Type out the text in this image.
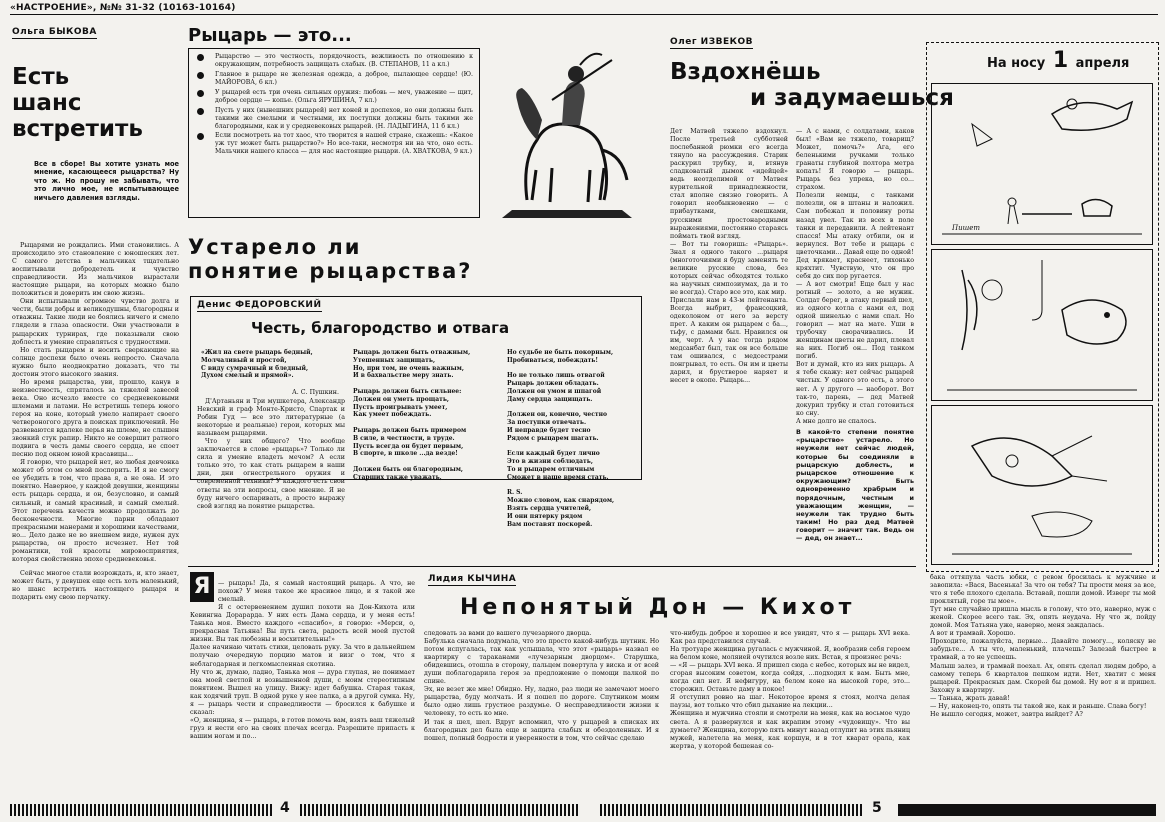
«НАСТРОЕНИЕ», №№ 31-32 (10163-10164)
Ольга БЫКОВА
Есть
шанс
встретить
Все в сборе! Вы хотите узнать мое мнение, касающееся рыцарства? Ну что ж. Но прошу не забывать, что это лично мое, не испытывающее ничьего давления взгляды.

Рыцарями не рождались. Ими становились. А происходило это становление с юношеских лет. С самого детства в мальчиках тщательно воспитывали добродетель и чувство справедливости. Из мальчиков вырастали настоящие рыцари, на которых можно было положиться и доверить им свою жизнь.

Они испытывали огромное чувство долга и чести, были добры и великодушны, благородны и отважны. Такие люди не боялись ничего и смело глядели в глаза опасности. Они участвовали в рыцарских турнирах, где показывали свою доблесть и умение справляться с трудностями.

Но стать рыцарем и носить сверкающие на солнце доспехи было очень непросто. Сначала нужно было неоднократно доказать, что ты достоин этого высокого звания.

Но время рыцарства, уви, прошло, канув в неизвестность, спряталось за тяжелой завесой века. Оно исчезло вместе со средневековыми шлемами и латами. Не встретишь теперь юного героя на коне, который умело напирает своего четвероногого друга в поисках приключений. Не развеваются вдалеке перья на шлеме, не слышен звонкий стук рапир. Никто не совершит ратного подвига в честь дамы своего сердца, не споет песню под окном юной красавицы...

Я говорю, что рыцарей нет, но любая девчонка может об этом со мной поспорить. И я не смогу ее убедить в том, что права я, а не она. И это понятно. Наверное, у каждой девушки, женщины есть рыцарь сердца, и он, безусловно, и самый сильный, и самый красивый, и самый смелый. Этот перечень качеств можно продолжать до бесконечности. Многие парни обладают прекрасными манерами и хорошими качествами, но... Дело даже не во внешнем виде, нужен дух рыцарства, он просто исчезнет. Нет той романтики, той красоты мировосприятия, которая свойственна эпохе средневековья.

Сейчас многое стали возрождать, и, кто знает, может быть, у девушек еще есть хоть маленький, но шанс встретить настоящего рыцаря и подарить ему свою перчатку.

Рыцарь — это...
Рыцарство — это честность, порядочность, вежливость по отношению к окружающим, потребность защищать слабых. (В. СТЕПАНОВ, 11 а кл.)
Главное в рыцаре не железная одежда, а доброе, пылающее сердце! (Ю. МАЙОРОВА, 6 кл.)
У рыцарей есть три очень сильных оружия: любовь — меч, уважение — щит, доброе сердце — копье. (Ольга ЯРУШИНА, 7 кл.)
Пусть у них (нынешних рыцарей) нет коней и доспехов, но они должны быть такими же смелыми и честными, их поступки должны быть такими же благородными, как и у средневековых рыцарей. (Н. ЛАДЫГИНА, 11 б кл.)
Если посмотреть на тот хаос, что творится в нашей стране, скажешь: «Какое уж тут может быть рыцарство?» Но все-таки, несмотря ни на что, оно есть. Мальчики нашего класса — для нас настоящие рыцари. (А. ХВАТКОВА, 9 кл.)
Устарело ли
понятие рыцарства?
Денис ФЕДОРОВСКИЙ
Честь, благородство и отвага
«Жил на свете рыцарь бедный,
Молчаливый и простой,
С виду сумрачный и бледный,
Духом смелый и прямой».
А. С. Пушкин.

Д'Артаньян и Три мушкетера, Александр Невский и граф Монте-Кристо, Спартак и Робин Гуд — все это литературные (а некоторые и реальные) герои, которых мы называем рыцарями.

Что у них общего? Что вообще заключается в слове «рыцарь»? Только ли сила и умение владеть мечом? А если только это, то как стать рыцарем в наши дни, дни огнестрельного оружия и современной техники? У каждого есть свои ответы на эти вопросы, свое мнение. Я не буду ничего оспаривать, а просто выражу свой взгляд на понятие рыцарства.

Рыцарь должен быть отважным,
Утешенных защищать,
Но, при том, не очень важным,
И в бахвальстве меру знать.

Рыцарь должен быть сильнее:
Должен он уметь прощать,
Пусть проигрывать умеет,
Как умеет побеждать.

Рыцарь должен быть примером
В силе, в честности, в труде.
Пусть всегда он будет первым,
В спорте, в школе ...да везде!

Должен быть он благородным,
Старших также уважать,
Но судьбе не быть покорным,
Пробиваться, побеждать!

Но не только лишь отвагой
Рыцарь должен обладать.
Должен он умом и шпагой
Даму сердца защищать.

Должен он, конечно, честно
За поступки отвечать.
И неправде будет тесно
Рядом с рыцарем шагать.

Если каждый будет лично
Это в жизни соблюдать,
То и рыцарем отличным
Сможет в наше время стать.

R. S.
Можно словом, как снарядом,
Взять сердца учителей,
И они пятерку рядом
Вам поставят поскорей.
Олег ИЗВЕКОВ
Вздохнёшь
и задумаешься
Дет Матвей тяжело вздохнул. После третьей субботней послебанной рюмки его всегда тянуло на рассуждения. Старик раскурил трубку, и, втянув сладковатый дымок «идейцей» ведь неотделимой от Матвея курительной принадлежности, стал вполне связно говорить. А говорил необыкновенно — с прибаутками, смешками, русскими простонародными выражениями, постоянно стараясь поймать твой взгляд.
— Вот ты говоришь: «Рыцарь». Знал я одного такого ...рыцаря (многоточиями я буду заменять те великие русские слова, без которых сейчас обходятся только на научных симпозиумах, да и то не всегда). Старо все это, как мир.
Прислали нам в 43-м лейтенанта. Всегда выбрит, франсоцкий, одеколоном от него за версту прет. А каким он рыцарем с ба..., тьфу, с дамами был. Нравился он им, черт. А у нас тогда рядом медсанбат был, так он все больше там ошивался, с медсестрами понгрывал, то есть. Он им и цветы дарил, и брустверое наряет и несет в окопе. Рыцарь...
— А с нами, с солдатами, каков был! «Вам не тяжело, товарищ? Может, помочь?» Ага, его беленькими ручками только гранаты глубиной полтора метра копать! Я говорю — рыцарь. Рыцарь без упрека, но со... страхом.
Полезли немцы, с танками полезли, он в штаны и наложил. Сам побежал и половину роты назад увел. Так из всех в поле танки и передавили. А лейтенант спасся! Мы атаку отбили, он и вернулся. Вот тебе и рыцарь с цветочками... Давай еще по одной!
Дед крякает, краснеет, тихонько кряхтит. Чувствую, что он про себя до сих пор ругается.
— А вот смотри! Еще был у нас ротный — золото, а не мужик. Солдат берег, в атаку первый шел, из одного котла с нами ел, под одной шинелью с нами спал. Но говорил — мат на мате. Уши в трубочку сворачивались. И женщинам цветы не дарил, плевал на них. Погиб он... Под танком погиб.
Вот и думай, кто из них рыцарь. А я тебе скажу: нет сейчас рыцарей чистых. У одного это есть, а этого нет. А у другого — наоборот. Вот так-то, парень, — дед Матвей докурил трубку и стал готовиться ко сну.
А мне долго не спалось.
В какой-то степени понятие «рыцарство» устарело. Но неужели нет сейчас людей, которые бы соединяли в рыцарскую доблесть, и рыцарское отношение к окружающим? Быть одновременно храбрым и порядочным, честным и уважающим женщин, — неужели так трудно быть таким! Но раз дед Матвей говорит — значит так. Ведь он — дед, он знает...
На носу 1 апреля
Пишет
Лидия КЫЧИНА
Непонятый Дон — Кихот
Я	— рыцарь! Да, я самый настоящий рыцарь. А что, не похож? У меня такое же красивое лицо, и я такой же смелый.
Я с остервенением душил похоти на Дон-Кихота или Кевингна Дорарарда. У них есть Дама сердца, и у меня есть! Танька моя. Вместо каждого «спасибо», я говорю: «Мерси, о, прекрасная Татьяна! Вы путь света, радость всей моей пустой жизни. Вы так любезны и восхитительны!»
Далее начинаю читать стихи, целовать руку. За что в дальнейшем получаю очередную порцию матов и визг о том, что я неблагодарная и легкомысленная скотина.
Ну что ж, думаю, ладно, Танька моя — дура глупая, не понимает она моей светлой и возвышенной души, с моим стереотипным понятием. Вышел на улицу. Вижу: идет бабушка. Старая такая, как ходячий труп. В одной руке у нее палка, а в другой сумка. Ну, я — рыцарь чести и справедливости — бросился к бабушке и сказал:
«О, женщина, я — рыцарь, в готов помочь вам, взять ваш тяжелый груз и нести его на своих плечах всегда. Разрешите припасть к вашим ногам и по...

следовать за вами до вашего лучезарного дворца.
Бабулька сначала подумала, что это просто какой-нибудь шутник. Но потом испугалась, так как услышала, что этот «рыцарь» назвал ее квартирку с тараканами «лучезарным дворцом». Старушка, обидевшись, отошла в сторону, пальцем повертула у виска и от всей души поблагодарила героя за предложение о помощи палкой по спине.
Эх, не везет же мне! Обидно. Ну, ладно, раз люди не замечают моего рыцарства, буду молчать. И я пошел по дороге. Спутником моим было одно лишь грустное раздумье. О несправедливости жизни к человеку, то есть ко мне.
И так я шел, шел. Вдруг вспомнил, что у рыцарей в списках их благородных дел была еще и защита слабых и обездоленных. И я пошел, полный бодрости и уверенности в том, что сейчас сделаю
что-нибудь доброе и хорошее и все увидят, что я — рыцарь XVI века. Как раз представился случай.
На тротуаре женщина ругалась с мужчиной. Я, вообразив себя героем на белом коне, моляией очутился возле них. Встав, я произнес речь:
— «Я — рыцарь XVI века. Я пришел сюда с небес, которых вы не видел, сгорая высоким советом, когда сойдя, ...подходил к вам. Быть мне, когда сил нет. Я нефигуру, на белом коне на высокой горе, это... сторожил. Оставьте даму в покое!
Я отступил ровно на шаг. Некоторое время я стоял, молча делая паузы, вот только что сбил дыхание на лекции...
Женщина и мужчина стояли и смотрели на меня, как на восьмое чудо света. А я развернулся и как вкрапим этому «чудовищу». Что вы думаете? Женщина, которую пять минут назад отлупит на этих пьяниц мужей, налетела на меня, как коршун, и в тот кварат орала, как жертва, у которой бешеная со-
бака оттяпула часть юбки, с ревом бросилась к мужчине и завопила: «Вася, Васенька! За что он тебя? Ты прости меня за все, что я тебе плохого сделала. Вставай, пошли домой. Изверг ты мой проклятый, горе ты мое».
Тут мне случайно пришла мысль в голову, что это, наверно, муж с женой. Скорее всего так. Эх, опять неудача. Ну что ж, пойду домой. Моя Татьяна уже, наверно, меня заждалась.
А вот и трамвай. Хорошо.
Проходите, пожалуйста, первые... Давайте помогу..., коляску не забудьте... А ты что, маленький, плачешь? Залезай быстрее в трамвай, а то не успеешь.
Малыш залез, и трамвай поехал. Ах, опять сделал людям добро, а самому теперь 6 кварталов пешком идти. Нет, хватит с меня рыцарей. Прекрасных дам. Скорей бы домой. Ну вот я и пришел. Захожу в квартиру.
— Танька, жрать давай!
— Ну, наконец-то, опять ты такой же, как и раньше. Слава богу!
Не вышло сегодня, может, завтра выйдет? А?
4	5
